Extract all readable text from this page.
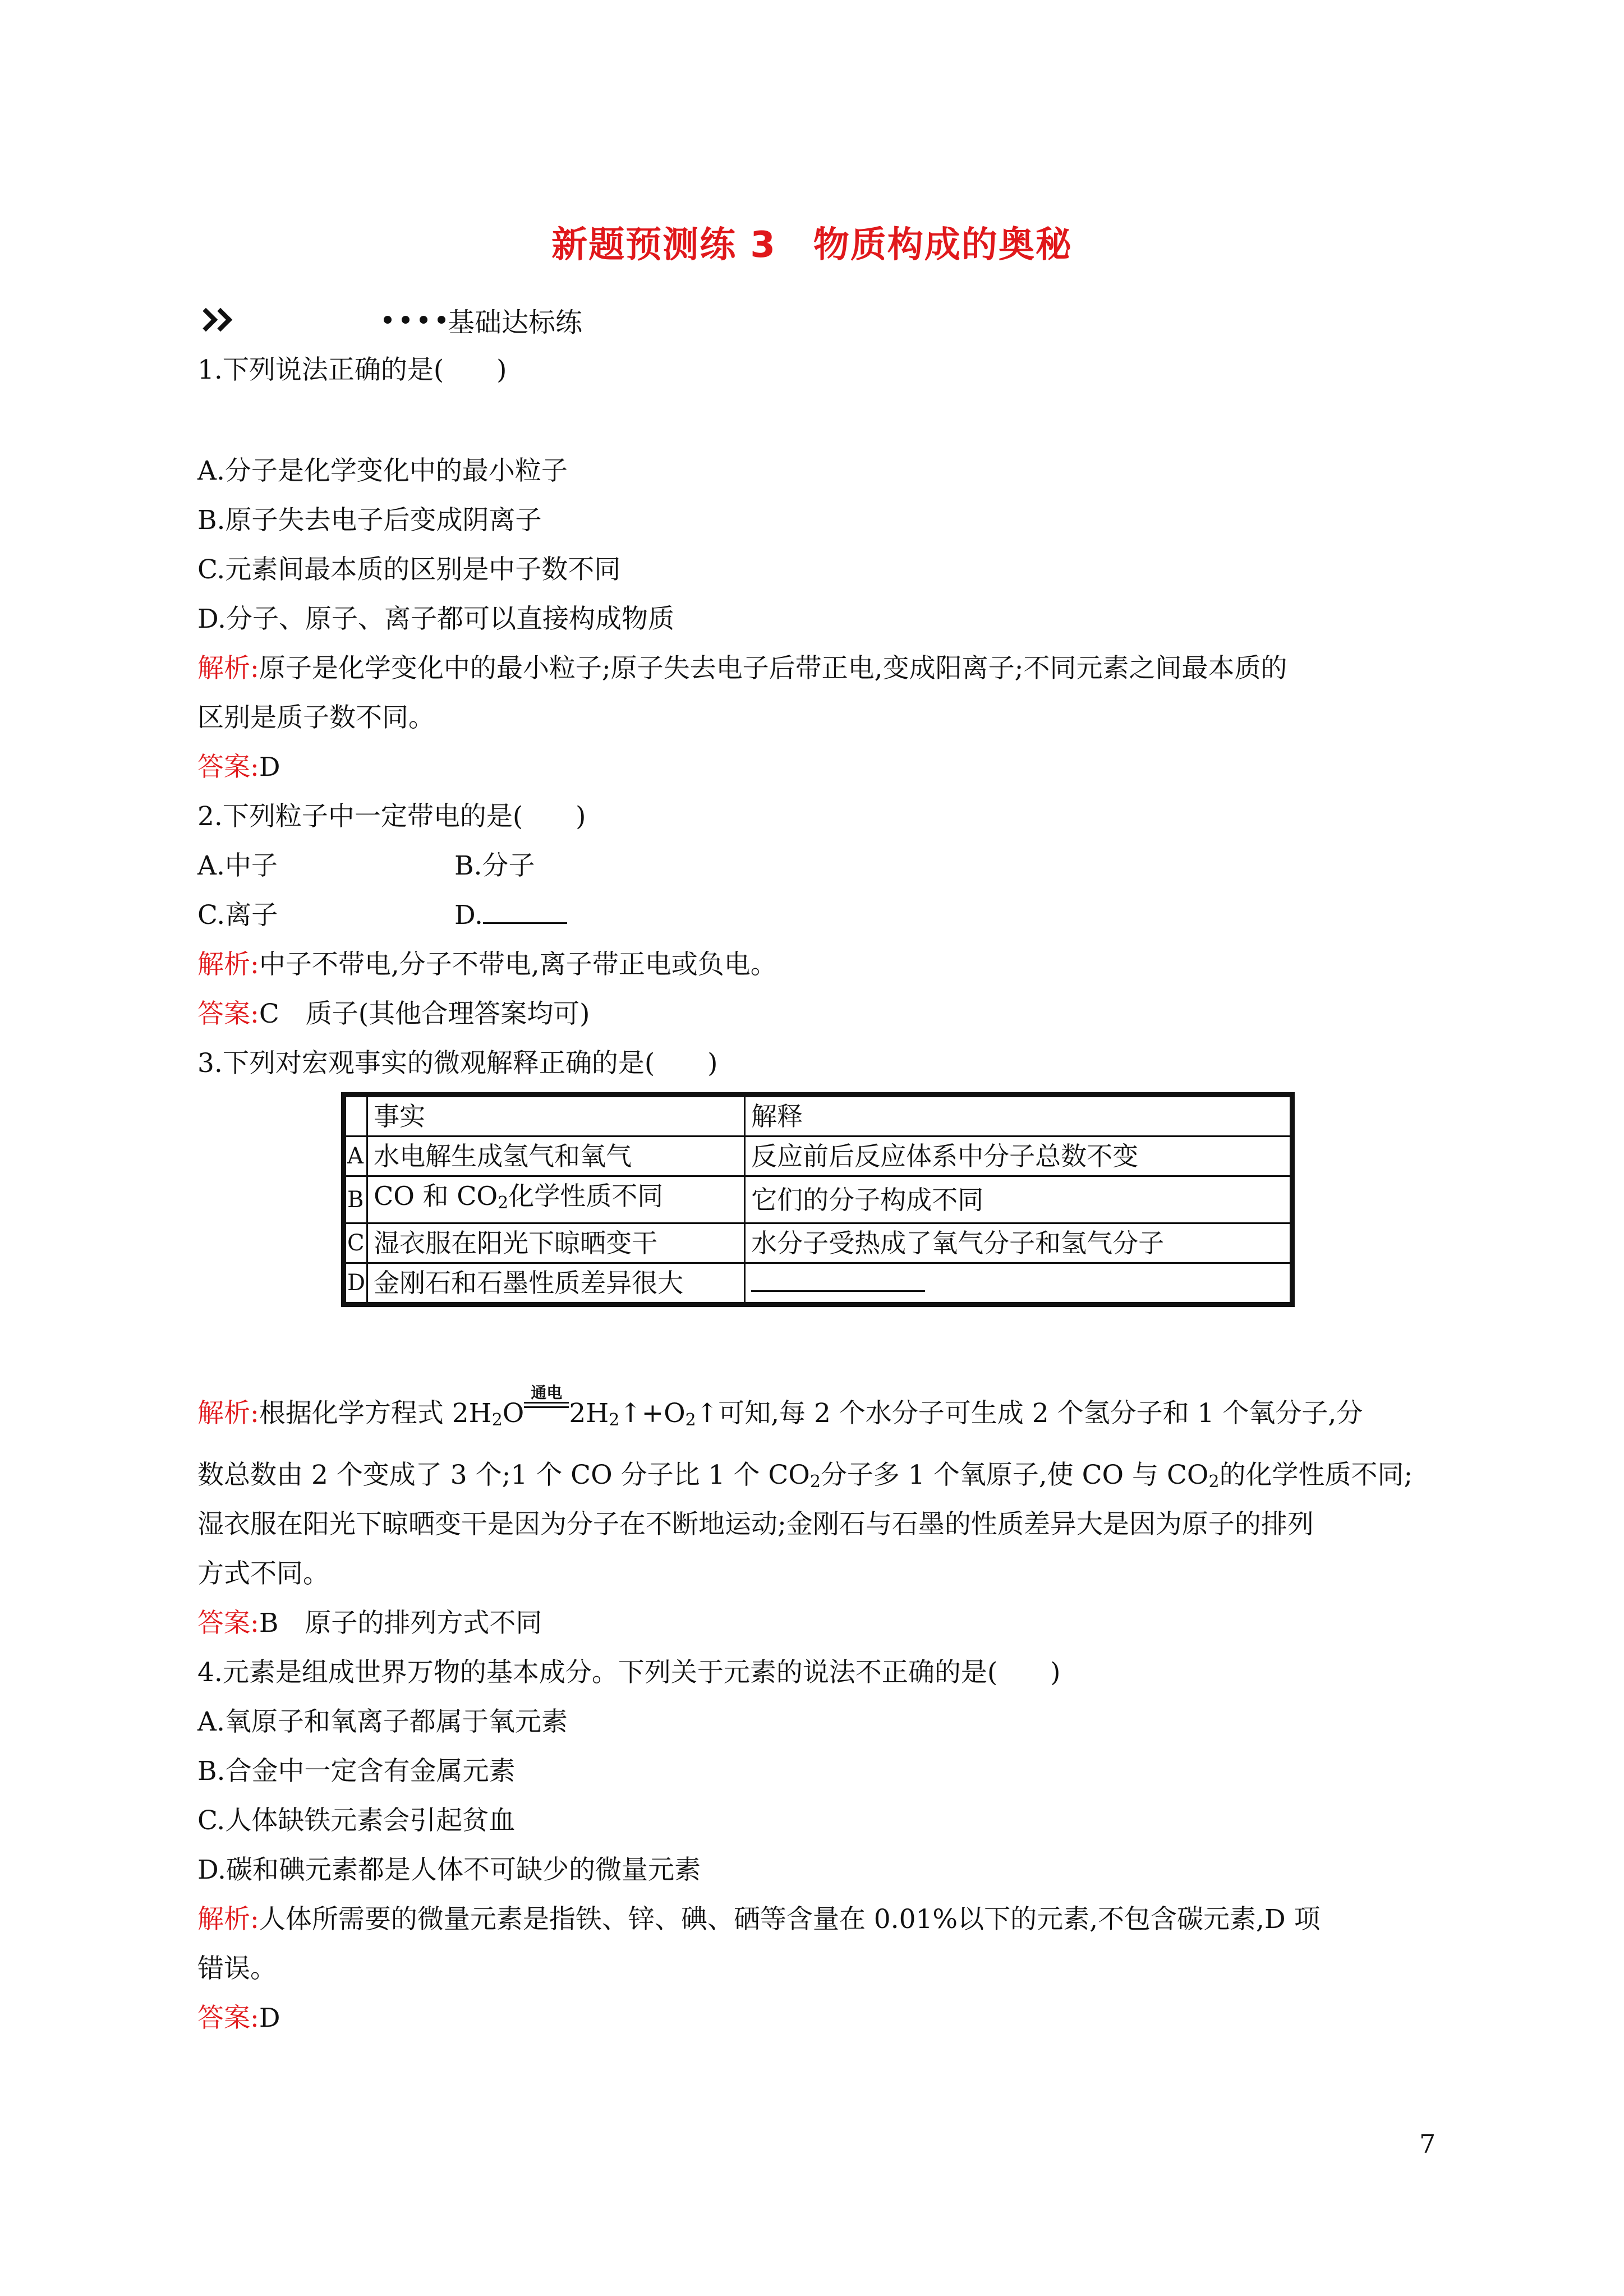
新题预测练 3　物质构成的奥秘
基础达标练
1.下列说法正确的是(　　)
A.分子是化学变化中的最小粒子
B.原子失去电子后变成阴离子
C.元素间最本质的区别是中子数不同
D.分子、原子、离子都可以直接构成物质
解析:原子是化学变化中的最小粒子;原子失去电子后带正电,变成阳离子;不同元素之间最本质的
区别是质子数不同。
答案:D
2.下列粒子中一定带电的是(　　)
A.中子	B.分子
C.离子	D.
解析:中子不带电,分子不带电,离子带正电或负电。
答案:C　质子(其他合理答案均可)
3.下列对宏观事实的微观解释正确的是(　　)
	事实	解释
A	水电解生成氢气和氧气	反应前后反应体系中分子总数不变
B	CO 和 $CO_2$化学性质不同	它们的分子构成不同
C	湿衣服在阳光下晾晒变干	水分子受热成了氧气分子和氢气分子
D	金刚石和石墨性质差异很大	
解析:根据化学方程式 $2H_2O$
通电
$2H_2↑+O_2↑$可知,每 2 个水分子可生成 2 个氢分子和 1 个氧分子,分
数总数由 2 个变成了 3 个;1 个 CO 分子比 1 个 $CO_2$分子多 1 个氧原子,使 CO 与 $CO_2$的化学性质不同;
湿衣服在阳光下晾晒变干是因为分子在不断地运动;金刚石与石墨的性质差异大是因为原子的排列
方式不同。
答案:B　原子的排列方式不同
4.元素是组成世界万物的基本成分。下列关于元素的说法不正确的是(　　)
A.氧原子和氧离子都属于氧元素
B.合金中一定含有金属元素
C.人体缺铁元素会引起贫血
D.碳和碘元素都是人体不可缺少的微量元素
解析:人体所需要的微量元素是指铁、锌、碘、硒等含量在 0.01%以下的元素,不包含碳元素,D 项
错误。
答案:D
7
